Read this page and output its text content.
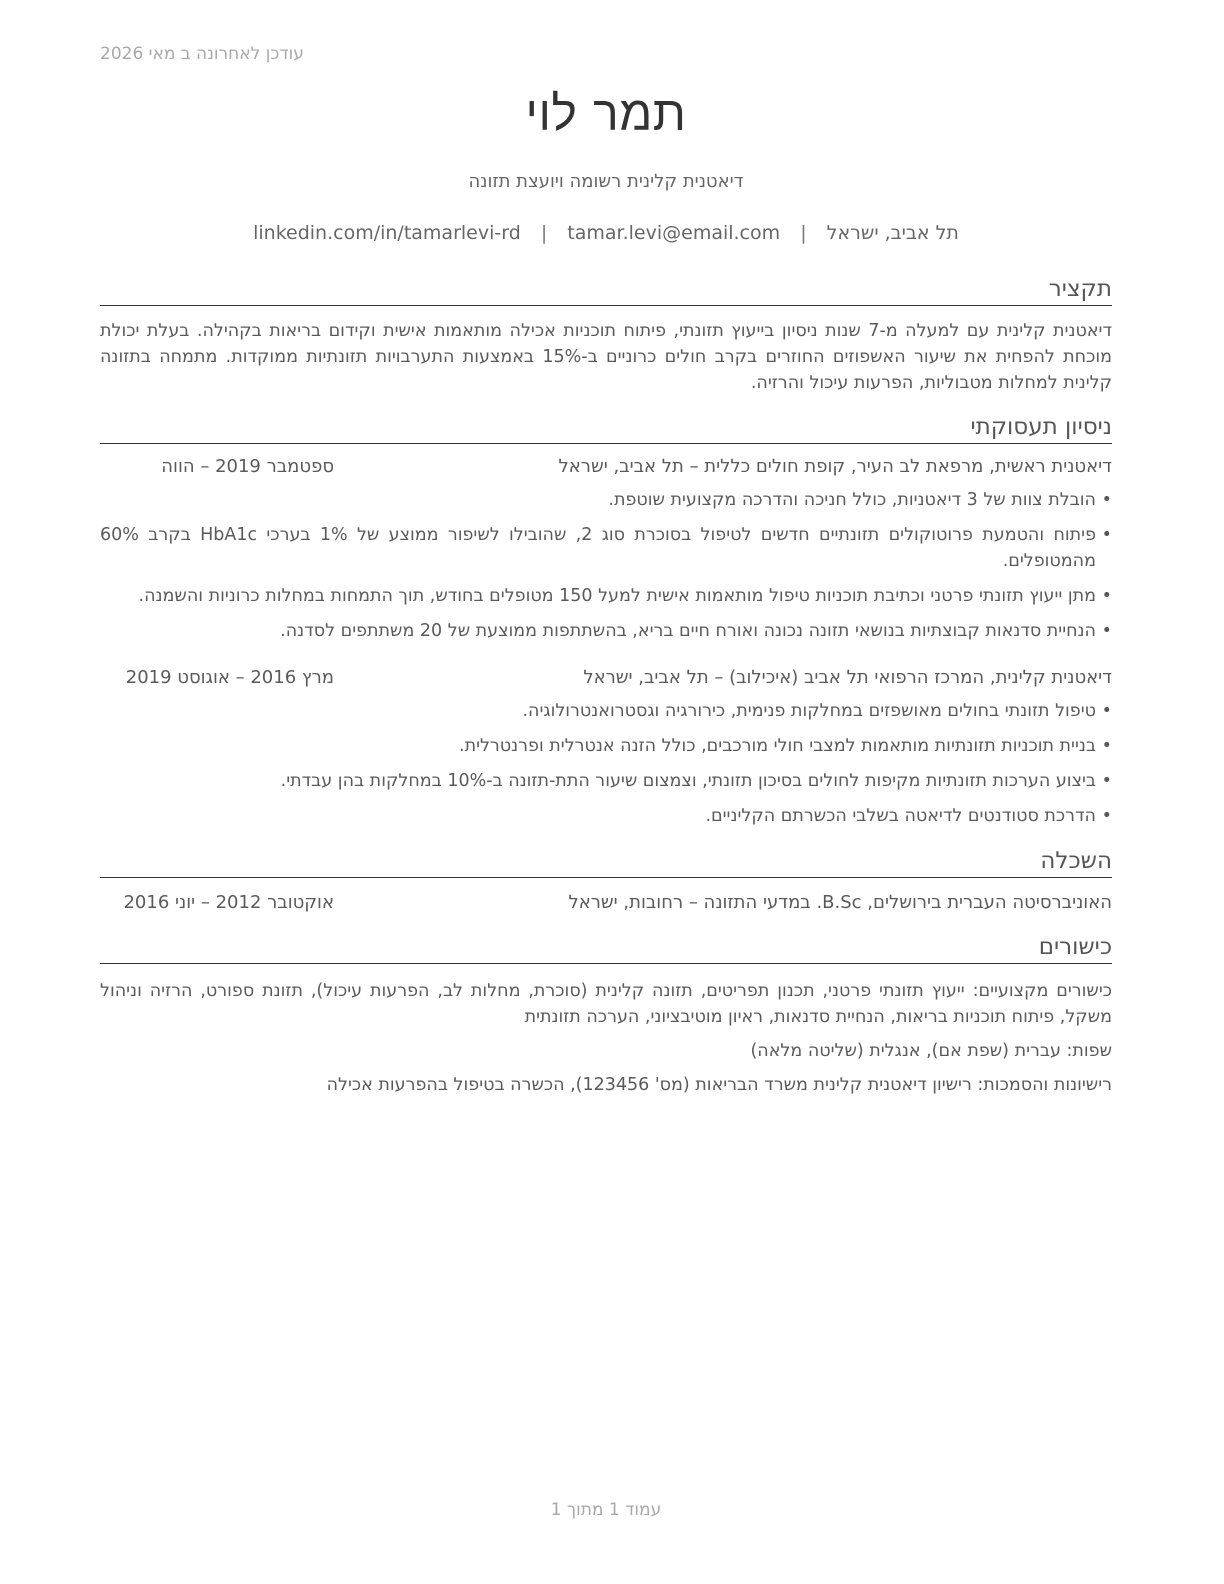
עודכן לאחרונה ב מאי 2026
תמר לוי
דיאטנית קלינית רשומה ויועצת תזונה
תל אביב, ישראל | tamar.levi@email.com | linkedin.com/in/tamarlevi-rd
תקציר
דיאטנית קלינית עם למעלה מ-7 שנות ניסיון בייעוץ תזונתי, פיתוח תוכניות אכילה מותאמות אישית וקידום בריאות בקהילה. בעלת יכולת מוכחת להפחית את שיעור האשפוזים החוזרים בקרב חולים כרוניים ב-15% באמצעות התערבויות תזונתיות ממוקדות. מתמחה בתזונה קלינית למחלות מטבוליות, הפרעות עיכול והרזיה.
ניסיון תעסוקתי
דיאטנית ראשית, מרפאת לב העיר, קופת חולים כללית – תל אביב, ישראל
ספטמבר 2019 – הווה
• הובלת צוות של 3 דיאטניות, כולל חניכה והדרכה מקצועית שוטפת.
• פיתוח והטמעת פרוטוקולים תזונתיים חדשים לטיפול בסוכרת סוג 2, שהובילו לשיפור ממוצע של 1% בערכי HbA1c בקרב 60% מהמטופלים.
• מתן ייעוץ תזונתי פרטני וכתיבת תוכניות טיפול מותאמות אישית למעל 150 מטופלים בחודש, תוך התמחות במחלות כרוניות והשמנה.
• הנחיית סדנאות קבוצתיות בנושאי תזונה נכונה ואורח חיים בריא, בהשתתפות ממוצעת של 20 משתתפים לסדנה.
דיאטנית קלינית, המרכז הרפואי תל אביב (איכילוב) – תל אביב, ישראל
מרץ 2016 – אוגוסט 2019
• טיפול תזונתי בחולים מאושפזים במחלקות פנימית, כירורגיה וגסטרואנטרולוגיה.
• בניית תוכניות תזונתיות מותאמות למצבי חולי מורכבים, כולל הזנה אנטרלית ופרנטרלית.
• ביצוע הערכות תזונתיות מקיפות לחולים בסיכון תזונתי, וצמצום שיעור התת-תזונה ב-10% במחלקות בהן עבדתי.
• הדרכת סטודנטים לדיאטה בשלבי הכשרתם הקליניים.
השכלה
האוניברסיטה העברית בירושלים, B.Sc. במדעי התזונה – רחובות, ישראל
אוקטובר 2012 – יוני 2016
כישורים
כישורים מקצועיים: ייעוץ תזונתי פרטני, תכנון תפריטים, תזונה קלינית (סוכרת, מחלות לב, הפרעות עיכול), תזונת ספורט, הרזיה וניהול משקל, פיתוח תוכניות בריאות, הנחיית סדנאות, ראיון מוטיבציוני, הערכה תזונתית
שפות: עברית (שפת אם), אנגלית (שליטה מלאה)
רישיונות והסמכות: רישיון דיאטנית קלינית משרד הבריאות (מס' 123456), הכשרה בטיפול בהפרעות אכילה
עמוד 1 מתוך 1
